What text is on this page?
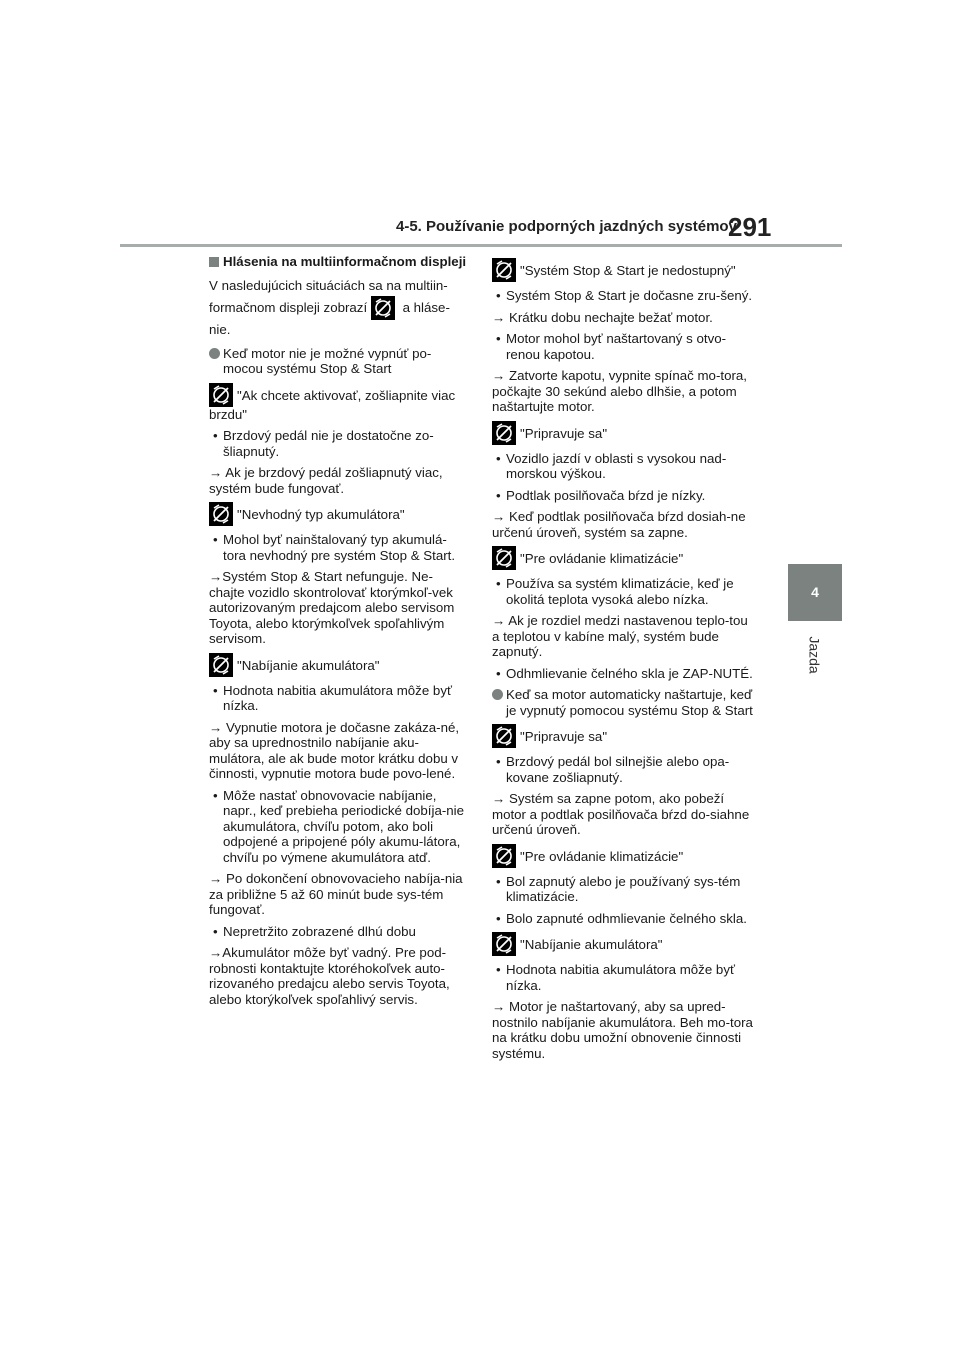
4-5. Používanie podporných jazdných systémov
291
4
Jazda
Hlásenia na multiinformačnom displeji
V nasledujúcich situáciách sa na multiin-formačnom displeji zobrazí	a hláse-nie.
Keď motor nie je možné vypnúť po-mocou systému Stop & Start
"Ak chcete aktivovať, zošliapnite viac brzdu"
• Brzdový pedál nie je dostatočne zo-šliapnutý.
→ Ak je brzdový pedál zošliapnutý viac, systém bude fungovať.
"Nevhodný typ akumulátora"
• Mohol byť nainštalovaný typ akumulá-tora nevhodný pre systém Stop & Start.
→Systém Stop & Start nefunguje. Ne-chajte vozidlo skontrolovať ktorýmkoľ-vek autorizovaným predajcom alebo servisom Toyota, alebo ktorýmkoľvek spoľahlivým servisom.
"Nabíjanie akumulátora"
• Hodnota nabitia akumulátora môže byť nízka.
→ Vypnutie motora je dočasne zakáza-né, aby sa uprednostnilo nabíjanie aku-mulátora, ale ak bude motor krátku dobu v činnosti, vypnutie motora bude povo-lené.
• Môže nastať obnovovacie nabíjanie, napr., keď prebieha periodické dobíja-nie akumulátora, chvíľu potom, ako boli odpojené a pripojené póly akumu-látora, chvíľu po výmene akumulátora atď.
→ Po dokončení obnovovacieho nabíja-nia za približne 5 až 60 minút bude sys-tém fungovať.
• Nepretržito zobrazené dlhú dobu
→Akumulátor môže byť vadný. Pre pod-robnosti kontaktujte ktoréhokoľvek auto-rizovaného predajcu alebo servis Toyota, alebo ktorýkoľvek spoľahlivý servis.
"Systém Stop & Start je nedostupný"
• Systém Stop & Start je dočasne zru-šený.
→ Krátku dobu nechajte bežať motor.
• Motor mohol byť naštartovaný s otvo-renou kapotou.
→ Zatvorte kapotu, vypnite spínač mo-tora, počkajte 30 sekúnd alebo dlhšie, a potom naštartujte motor.
"Pripravuje sa"
• Vozidlo jazdí v oblasti s vysokou nad-morskou výškou.
• Podtlak posilňovača bŕzd je nízky.
→ Keď podtlak posilňovača bŕzd dosiah-ne určenú úroveň, systém sa zapne.
"Pre ovládanie klimatizácie"
• Používa sa systém klimatizácie, keď je okolitá teplota vysoká alebo nízka.
→ Ak je rozdiel medzi nastavenou teplo-tou a teplotou v kabíne malý, systém bude zapnutý.
• Odhmlievanie čelného skla je ZAP-NUTÉ.
Keď sa motor automaticky naštartuje, keď je vypnutý pomocou systému Stop & Start
"Pripravuje sa"
• Brzdový pedál bol silnejšie alebo opa-kovane zošliapnutý.
→ Systém sa zapne potom, ako pobeží motor a podtlak posilňovača bŕzd do-siahne určenú úroveň.
"Pre ovládanie klimatizácie"
• Bol zapnutý alebo je používaný sys-tém klimatizácie.
• Bolo zapnuté odhmlievanie čelného skla.
"Nabíjanie akumulátora"
• Hodnota nabitia akumulátora môže byť nízka.
→ Motor je naštartovaný, aby sa upred-nostnilo nabíjanie akumulátora. Beh mo-tora na krátku dobu umožní obnovenie činnosti systému.
